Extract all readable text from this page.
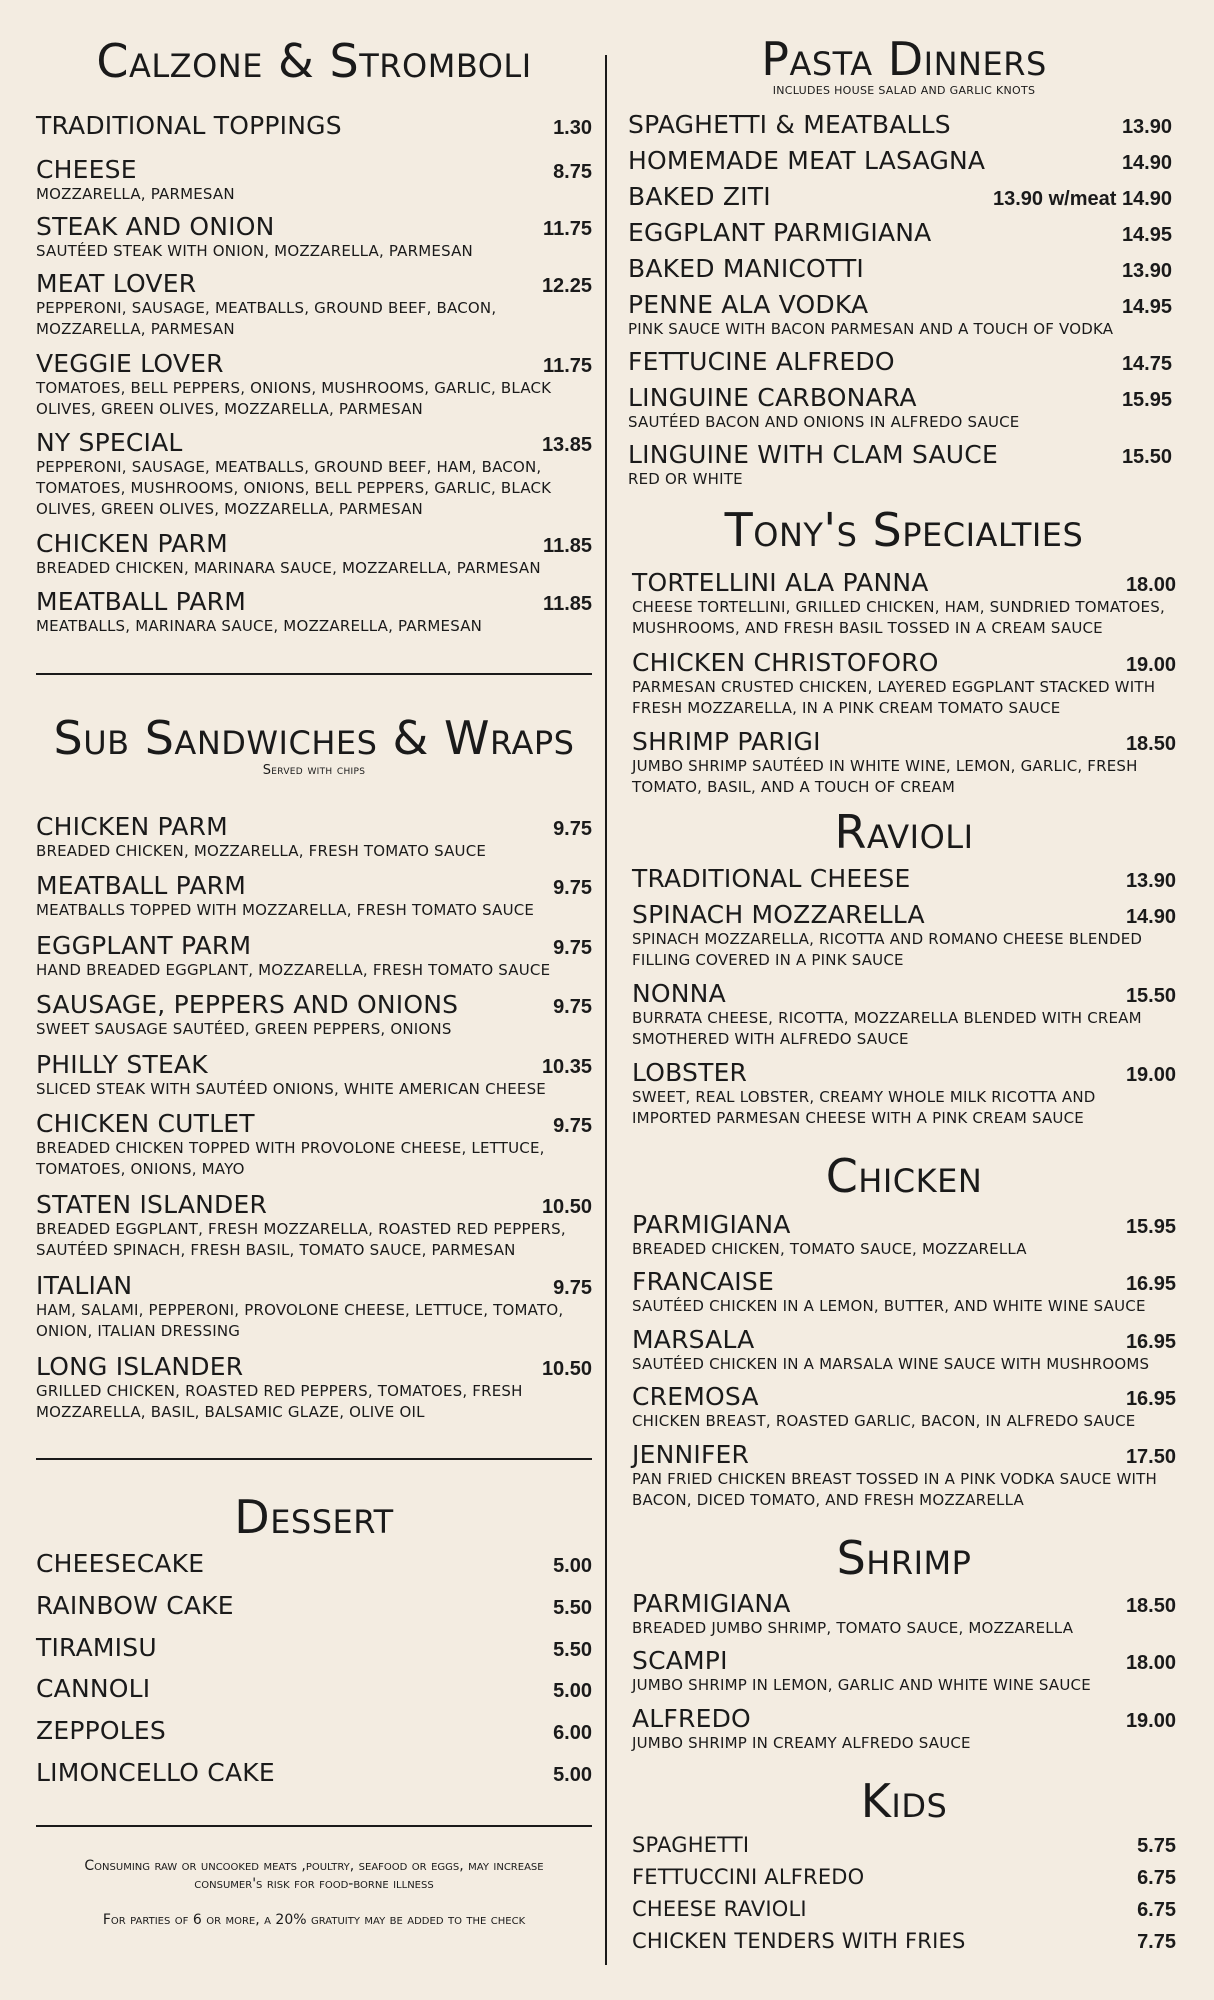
Calzone & Stromboli
TRADITIONAL TOPPINGS	1.30
CHEESE	8.75
MOZZARELLA, PARMESAN
STEAK AND ONION	11.75
SAUTÉED STEAK WITH ONION, MOZZARELLA, PARMESAN
MEAT LOVER	12.25
PEPPERONI, SAUSAGE, MEATBALLS, GROUND BEEF, BACON, MOZZARELLA, PARMESAN
VEGGIE LOVER	11.75
TOMATOES, BELL PEPPERS, ONIONS, MUSHROOMS, GARLIC, BLACK OLIVES, GREEN OLIVES, MOZZARELLA, PARMESAN
NY SPECIAL	13.85
PEPPERONI, SAUSAGE, MEATBALLS, GROUND BEEF, HAM, BACON, TOMATOES, MUSHROOMS, ONIONS, BELL PEPPERS, GARLIC, BLACK OLIVES, GREEN OLIVES, MOZZARELLA, PARMESAN
CHICKEN PARM	11.85
BREADED CHICKEN, MARINARA SAUCE, MOZZARELLA, PARMESAN
MEATBALL PARM	11.85
MEATBALLS, MARINARA SAUCE, MOZZARELLA, PARMESAN
Sub Sandwiches & Wraps
Served with chips
CHICKEN PARM	9.75
BREADED CHICKEN, MOZZARELLA, FRESH TOMATO SAUCE
MEATBALL PARM	9.75
MEATBALLS TOPPED WITH MOZZARELLA, FRESH TOMATO SAUCE
EGGPLANT PARM	9.75
HAND BREADED EGGPLANT, MOZZARELLA, FRESH TOMATO SAUCE
SAUSAGE, PEPPERS AND ONIONS	9.75
SWEET SAUSAGE SAUTÉED, GREEN PEPPERS, ONIONS
PHILLY STEAK	10.35
SLICED STEAK WITH SAUTÉED ONIONS, WHITE AMERICAN CHEESE
CHICKEN CUTLET	9.75
BREADED CHICKEN TOPPED WITH PROVOLONE CHEESE, LETTUCE, TOMATOES, ONIONS, MAYO
STATEN ISLANDER	10.50
BREADED EGGPLANT, FRESH MOZZARELLA, ROASTED RED PEPPERS, SAUTÉED SPINACH, FRESH BASIL, TOMATO SAUCE, PARMESAN
ITALIAN	9.75
HAM, SALAMI, PEPPERONI, PROVOLONE CHEESE, LETTUCE, TOMATO, ONION, ITALIAN DRESSING
LONG ISLANDER	10.50
GRILLED CHICKEN, ROASTED RED PEPPERS, TOMATOES, FRESH MOZZARELLA, BASIL, BALSAMIC GLAZE, OLIVE OIL
Dessert
CHEESECAKE	5.00
RAINBOW CAKE	5.50
TIRAMISU	5.50
CANNOLI	5.00
ZEPPOLES	6.00
LIMONCELLO CAKE	5.00
Consuming raw or uncooked meats ,poultry, seafood or eggs, may increase consumer's risk for food-borne illness
For parties of 6 or more, a 20% gratuity may be added to the check
Pasta Dinners
INCLUDES HOUSE SALAD AND GARLIC KNOTS
SPAGHETTI & MEATBALLS	13.90
HOMEMADE MEAT LASAGNA	14.90
BAKED ZITI	13.90 w/meat 14.90
EGGPLANT PARMIGIANA	14.95
BAKED MANICOTTI	13.90
PENNE ALA VODKA	14.95
PINK SAUCE WITH BACON PARMESAN AND A TOUCH OF VODKA
FETTUCINE ALFREDO	14.75
LINGUINE CARBONARA	15.95
SAUTÉED BACON AND ONIONS IN ALFREDO SAUCE
LINGUINE WITH CLAM SAUCE	15.50
RED OR WHITE
Tony's Specialties
TORTELLINI ALA PANNA	18.00
CHEESE TORTELLINI, GRILLED CHICKEN, HAM, SUNDRIED TOMATOES, MUSHROOMS, AND FRESH BASIL TOSSED IN A CREAM SAUCE
CHICKEN CHRISTOFORO	19.00
PARMESAN CRUSTED CHICKEN, LAYERED EGGPLANT STACKED WITH FRESH MOZZARELLA, IN A PINK CREAM TOMATO SAUCE
SHRIMP PARIGI	18.50
JUMBO SHRIMP SAUTÉED IN WHITE WINE, LEMON, GARLIC, FRESH TOMATO, BASIL, AND A TOUCH OF CREAM
Ravioli
TRADITIONAL CHEESE	13.90
SPINACH MOZZARELLA	14.90
SPINACH MOZZARELLA, RICOTTA AND ROMANO CHEESE BLENDED FILLING COVERED IN A PINK SAUCE
NONNA	15.50
BURRATA CHEESE, RICOTTA, MOZZARELLA BLENDED WITH CREAM SMOTHERED WITH ALFREDO SAUCE
LOBSTER	19.00
SWEET, REAL LOBSTER, CREAMY WHOLE MILK RICOTTA AND IMPORTED PARMESAN CHEESE WITH A PINK CREAM SAUCE
Chicken
PARMIGIANA	15.95
BREADED CHICKEN, TOMATO SAUCE, MOZZARELLA
FRANCAISE	16.95
SAUTÉED CHICKEN IN A LEMON, BUTTER, AND WHITE WINE SAUCE
MARSALA	16.95
SAUTÉED CHICKEN IN A MARSALA WINE SAUCE WITH MUSHROOMS
CREMOSA	16.95
CHICKEN BREAST, ROASTED GARLIC, BACON, IN ALFREDO SAUCE
JENNIFER	17.50
PAN FRIED CHICKEN BREAST TOSSED IN A PINK VODKA SAUCE WITH BACON, DICED TOMATO, AND FRESH MOZZARELLA
Shrimp
PARMIGIANA	18.50
BREADED JUMBO SHRIMP, TOMATO SAUCE, MOZZARELLA
SCAMPI	18.00
JUMBO SHRIMP IN LEMON, GARLIC AND WHITE WINE SAUCE
ALFREDO	19.00
JUMBO SHRIMP IN CREAMY ALFREDO SAUCE
Kids
SPAGHETTI	5.75
FETTUCCINI ALFREDO	6.75
CHEESE RAVIOLI	6.75
CHICKEN TENDERS WITH FRIES	7.75
